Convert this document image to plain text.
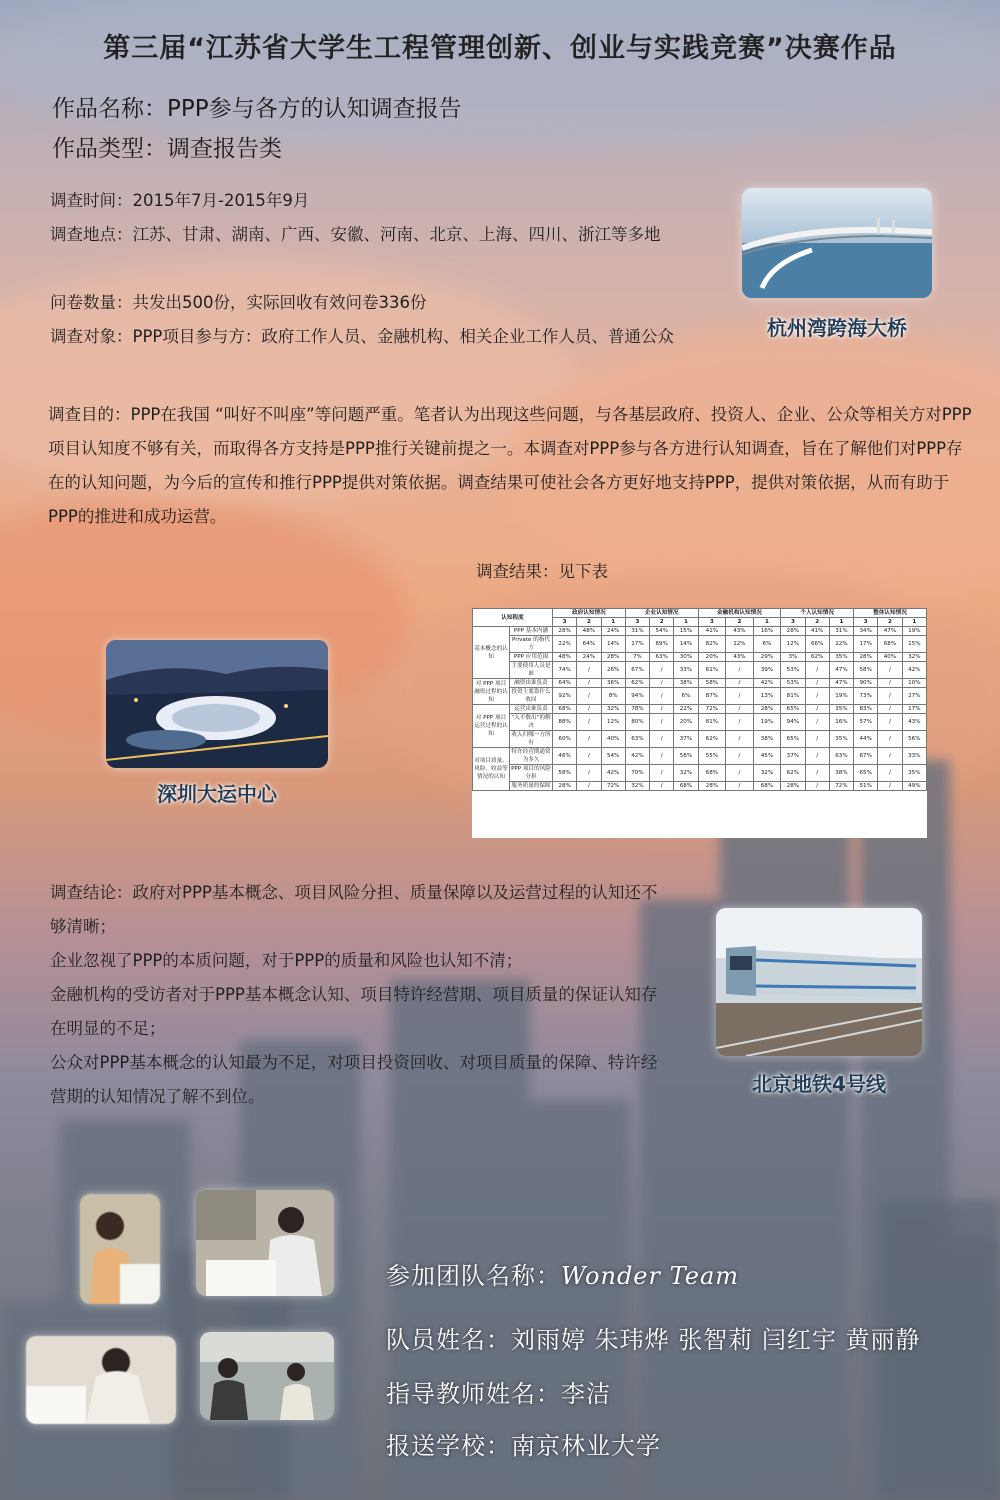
第三届“江苏省大学生工程管理创新、创业与实践竞赛”决赛作品
作品名称：PPP参与各方的认知调查报告
作品类型：调查报告类
调查时间：2015年7月-2015年9月
调查地点：江苏、甘肃、湖南、广西、安徽、河南、北京、上海、四川、浙江等多地
问卷数量：共发出500份，实际回收有效问卷336份
调查对象：PPP项目参与方：政府工作人员、金融机构、相关企业工作人员、普通公众	杭州湾跨海大桥
调查目的：PPP在我国 “叫好不叫座”等问题严重。笔者认为出现这些问题，与各基层政府、投资人、企业、公众等相关方对PPP项目认知度不够有关，而取得各方支持是PPP推行关键前提之一。本调查对PPP参与各方进行认知调查，旨在了解他们对PPP存在的认知问题，为今后的宣传和推行PPP提供对策依据。调查结果可使社会各方更好地支持PPP，提供对策依据，从而有助于PPP的推进和成功运营。
调查结果：见下表
深圳大运中心
认知程度		政府认知情况			企业认知情况			金融机构认知情况			个人认知情况			整体认知情况		
		3	2	1	3	2	1	3	2	1	3	2	1	3	2	1
基本概念的认知	PPP 基本内涵	28%	48%	24%	31%	54%	15%	41%	43%	16%	28%	41%	31%	34%	47%	19%
	Private 的指代方	22%	64%	14%	17%	69%	14%	82%	12%	6%	12%	66%	22%	17%	68%	15%
	PPP 应用范围	48%	24%	28%	7%	63%	30%	20%	43%	29%	3%	62%	35%	28%	40%	32%
	主要使用人员是谁	74%	/	26%	67%	/	33%	61%	/	39%	53%	/	47%	58%	/	42%
对 PPP 项目融资过程的认知	融资由谁负责	64%	/	36%	62%	/	38%	58%	/	42%	53%	/	47%	90%	/	10%
	投资主要靠什么收回	92%	/	8%	94%	/	6%	87%	/	13%	81%	/	19%	73%	/	27%
对 PPP 项目运营过程的认知	运营由谁负责	68%	/	32%	78%	/	22%	72%	/	28%	65%	/	35%	83%	/	17%
	“入不敷出”的解决	88%	/	12%	80%	/	20%	81%	/	19%	94%	/	16%	57%	/	43%
	收入归哪一方所有	60%	/	40%	63%	/	37%	62%	/	38%	65%	/	35%	44%	/	56%
对项目质量、风险、收益等情况的认知	特许经营期通常为多久	46%	/	54%	42%	/	58%	55%	/	45%	37%	/	63%	67%	/	33%
	PPP 项目的风险分担	58%	/	42%	70%	/	32%	68%	/	32%	62%	/	38%	65%	/	35%
	服务质量的保障	28%	/	72%	32%	/	68%	28%	/	68%	28%	/	72%	51%	/	49%
调查结论：政府对PPP基本概念、项目风险分担、质量保障以及运营过程的认知还不够清晰；
企业忽视了PPP的本质问题，对于PPP的质量和风险也认知不清；
金融机构的受访者对于PPP基本概念认知、项目特许经营期、项目质量的保证认知存在明显的不足；
公众对PPP基本概念的认知最为不足，对项目投资回收、对项目质量的保障、特许经营期的认知情况了解不到位。
北京地铁4号线
参加团队名称：Wonder Team
队员姓名：刘雨婷 朱玮烨 张智莉 闫红宇 黄丽静
指导教师姓名：李洁
报送学校：南京林业大学
